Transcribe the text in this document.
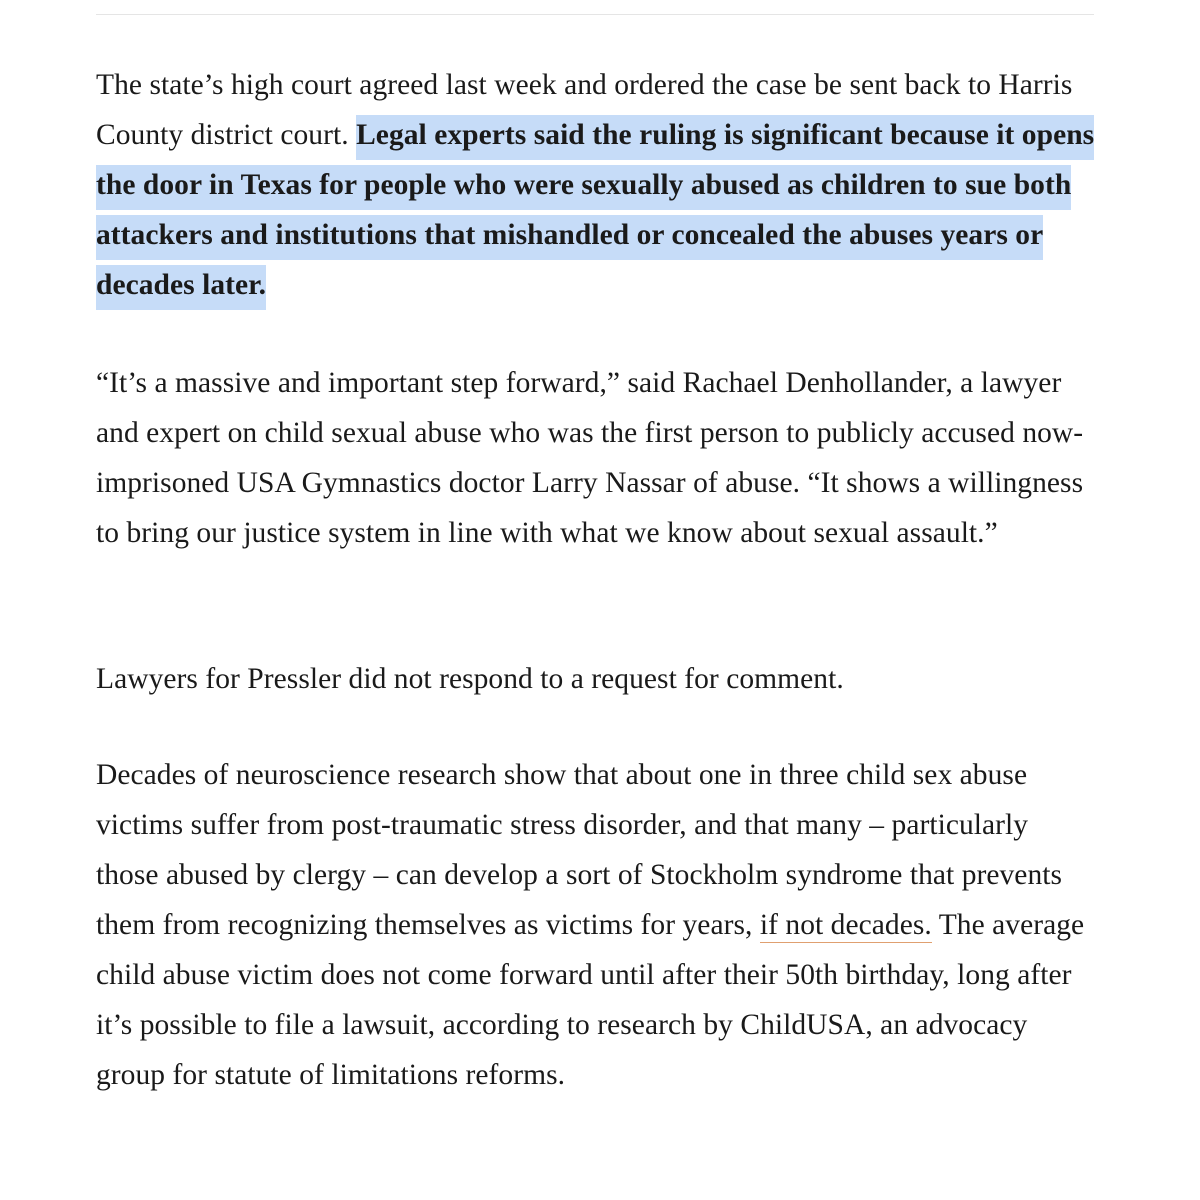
The state’s high court agreed last week and ordered the case be sent back to Harris County district court. Legal experts said the ruling is significant because it opens the door in Texas for people who were sexually abused as children to sue both attackers and institutions that mishandled or concealed the abuses years or decades later.

“It’s a massive and important step forward,” said Rachael Denhollander, a lawyer and expert on child sexual abuse who was the first person to publicly accused now-imprisoned USA Gymnastics doctor Larry Nassar of abuse. “It shows a willingness to bring our justice system in line with what we know about sexual assault.”

Lawyers for Pressler did not respond to a request for comment.

Decades of neuroscience research show that about one in three child sex abuse victims suffer from post-traumatic stress disorder, and that many – particularly those abused by clergy – can develop a sort of Stockholm syndrome that prevents them from recognizing themselves as victims for years, if not decades. The average child abuse victim does not come forward until after their 50th birthday, long after it’s possible to file a lawsuit, according to research by ChildUSA, an advocacy group for statute of limitations reforms.
